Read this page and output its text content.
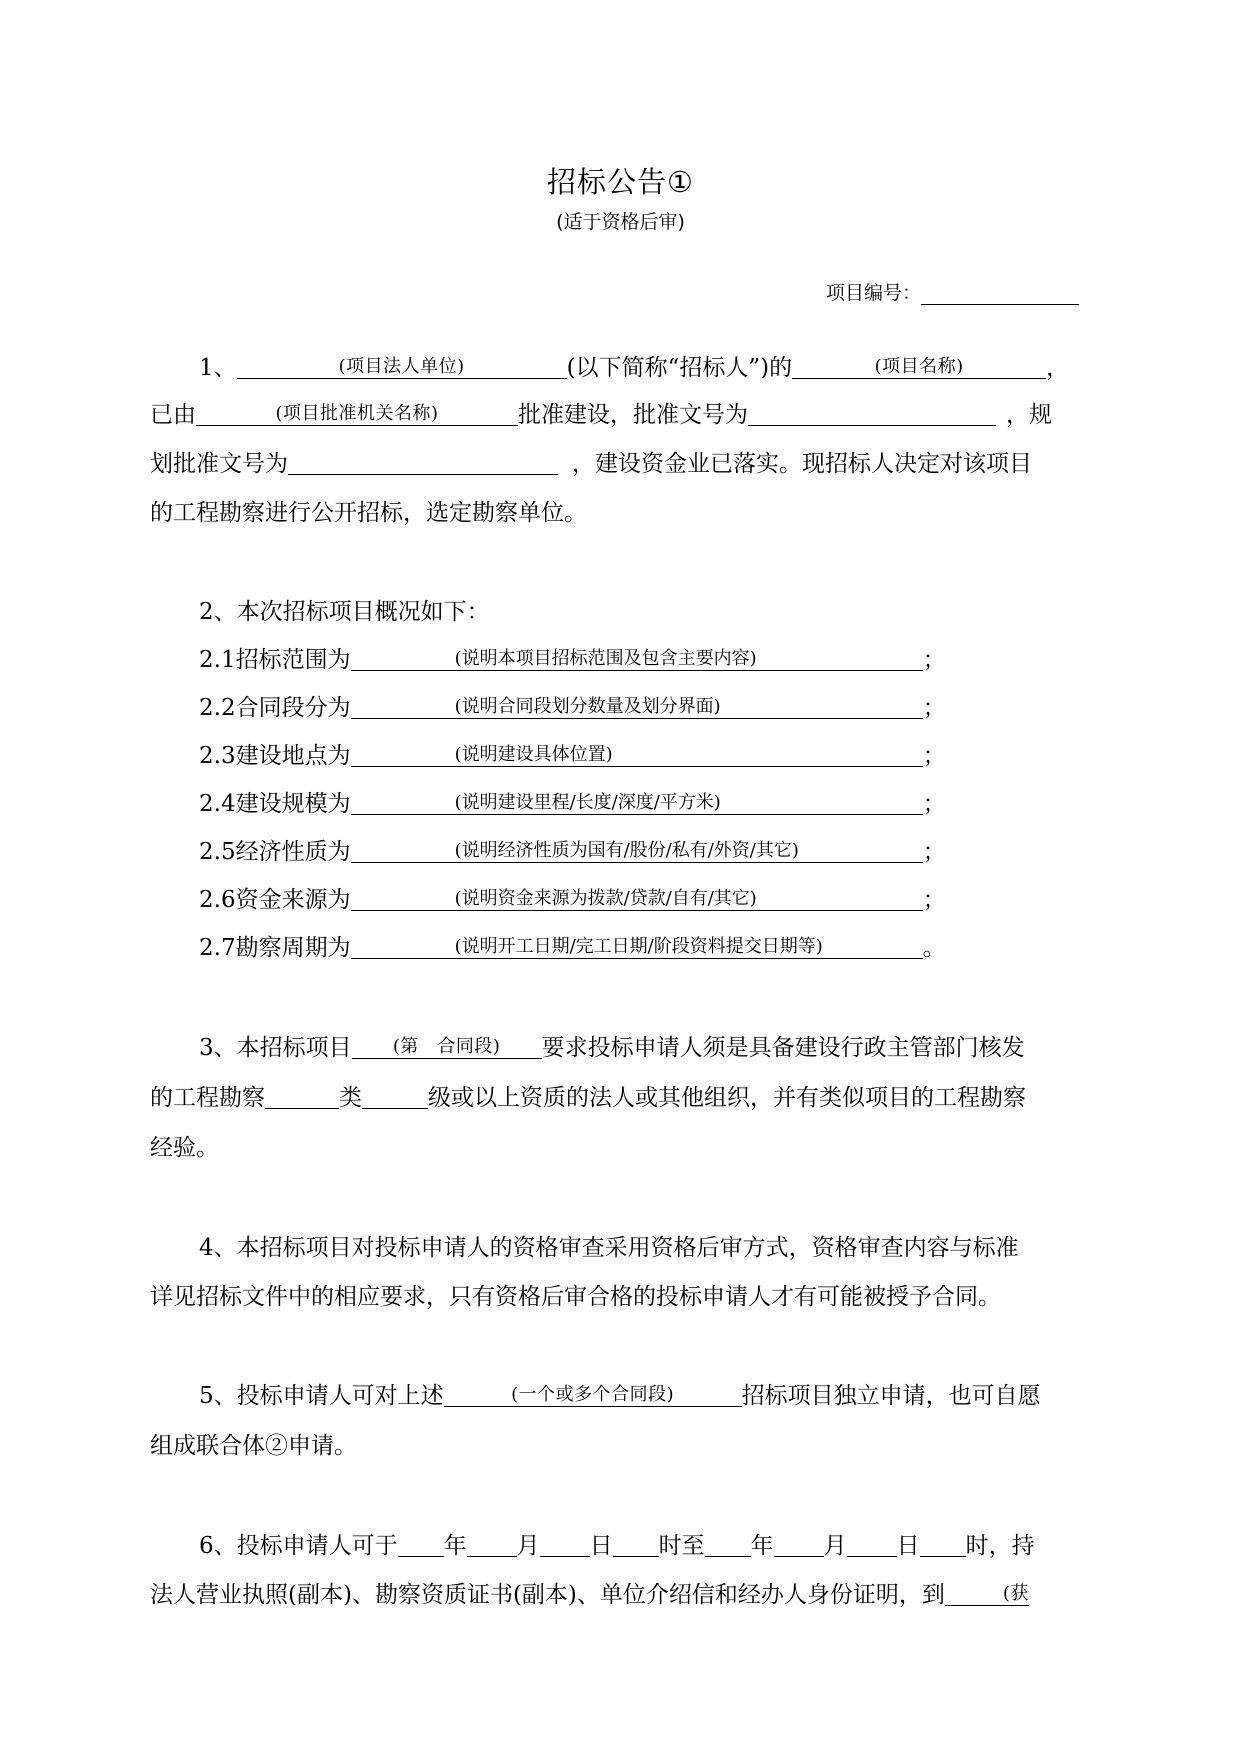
招标公告①
(适于资格后审)
项目编号：
1、	(项目法人单位)	(以下简称“招标人”)的	(项目名称)	，
已由	(项目批准机关名称)	批准建设，批准文号为	，规
划批准文号为	，建设资金业已落实。现招标人决定对该项目
的工程勘察进行公开招标，选定勘察单位。
2、本次招标项目概况如下：
2.1招标范围为	(说明本项目招标范围及包含主要内容)	；
2.2合同段分为	(说明合同段划分数量及划分界面)	；
2.3建设地点为	(说明建设具体位置)	；
2.4建设规模为	(说明建设里程/长度/深度/平方米)	；
2.5经济性质为	(说明经济性质为国有/股份/私有/外资/其它)	；
2.6资金来源为	(说明资金来源为拨款/贷款/自有/其它)	；
2.7勘察周期为	(说明开工日期/完工日期/阶段资料提交日期等)	。
3、本招标项目 (第　合同段) 要求投标申请人须是具备建设行政主管部门核发
的工程勘察	类	级或以上资质的法人或其他组织，并有类似项目的工程勘察
经验。
4、本招标项目对投标申请人的资格审查采用资格后审方式，资格审查内容与标准
详见招标文件中的相应要求，只有资格后审合格的投标申请人才有可能被授予合同。
5、投标申请人可对上述	(一个或多个合同段)	招标项目独立申请，也可自愿
组成联合体②申请。
6、投标申请人可于 年 月 日 时至 年 月 日 时，持
法人营业执照(副本)、勘察资质证书(副本)、单位介绍信和经办人身份证明，到	(获
